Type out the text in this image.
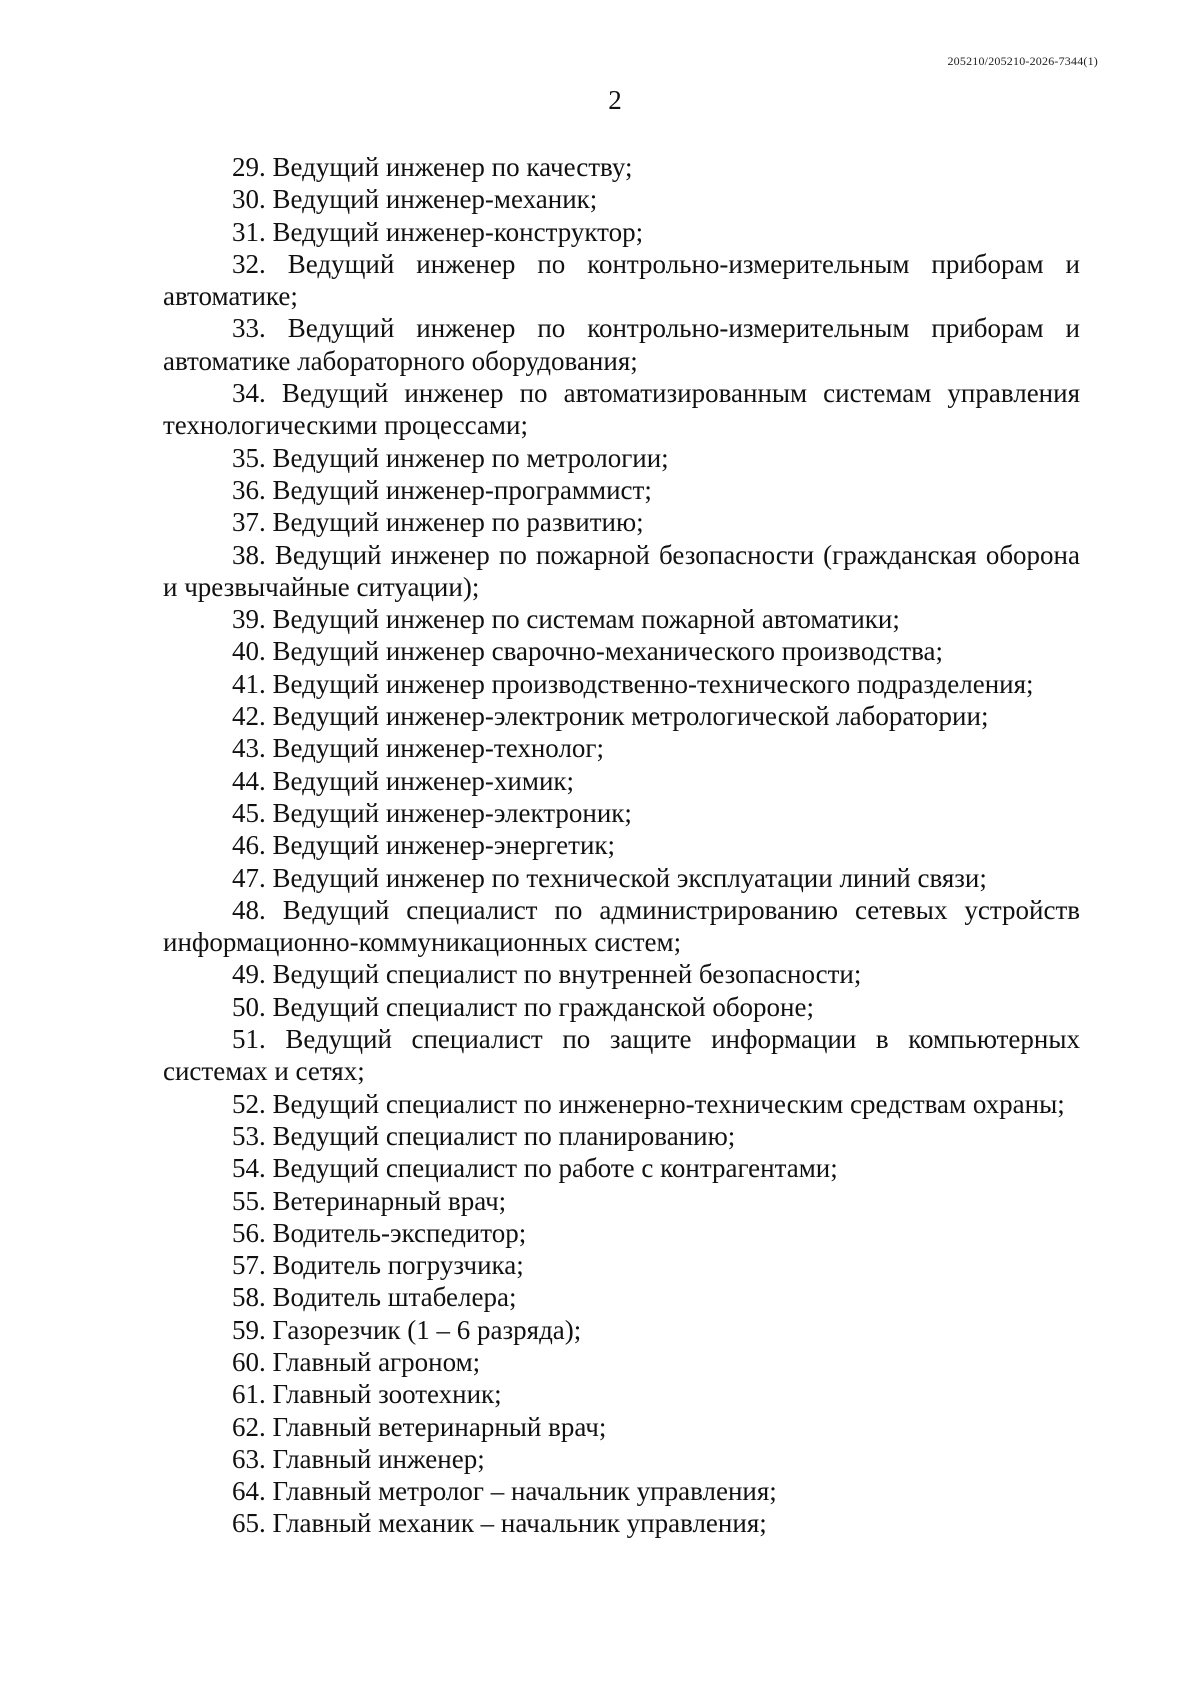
205210/205210-2026-7344(1)
2

29. Ведущий инженер по качеству;

30. Ведущий инженер-механик;

31. Ведущий инженер-конструктор;

32. Ведущий инженер по контрольно-измерительным приборам и автоматике;

33. Ведущий инженер по контрольно-измерительным приборам и автоматике лабораторного оборудования;

34. Ведущий инженер по автоматизированным системам управления технологическими процессами;

35. Ведущий инженер по метрологии;

36. Ведущий инженер-программист;

37. Ведущий инженер по развитию;

38. Ведущий инженер по пожарной безопасности (гражданская оборона и чрезвычайные ситуации);

39. Ведущий инженер по системам пожарной автоматики;

40. Ведущий инженер сварочно-механического производства;

41. Ведущий инженер производственно-технического подразделения;

42. Ведущий инженер-электроник метрологической лаборатории;

43. Ведущий инженер-технолог;

44. Ведущий инженер-химик;

45. Ведущий инженер-электроник;

46. Ведущий инженер-энергетик;

47. Ведущий инженер по технической эксплуатации линий связи;

48. Ведущий специалист по администрированию сетевых устройств информационно-коммуникационных систем;

49. Ведущий специалист по внутренней безопасности;

50. Ведущий специалист по гражданской обороне;

51. Ведущий специалист по защите информации в компьютерных системах и сетях;

52. Ведущий специалист по инженерно-техническим средствам охраны;

53. Ведущий специалист по планированию;

54. Ведущий специалист по работе с контрагентами;

55. Ветеринарный врач;

56. Водитель-экспедитор;

57. Водитель погрузчика;

58. Водитель штабелера;

59. Газорезчик (1 – 6 разряда);

60. Главный агроном;

61. Главный зоотехник;

62. Главный ветеринарный врач;

63. Главный инженер;

64. Главный метролог – начальник управления;

65. Главный механик – начальник управления;
